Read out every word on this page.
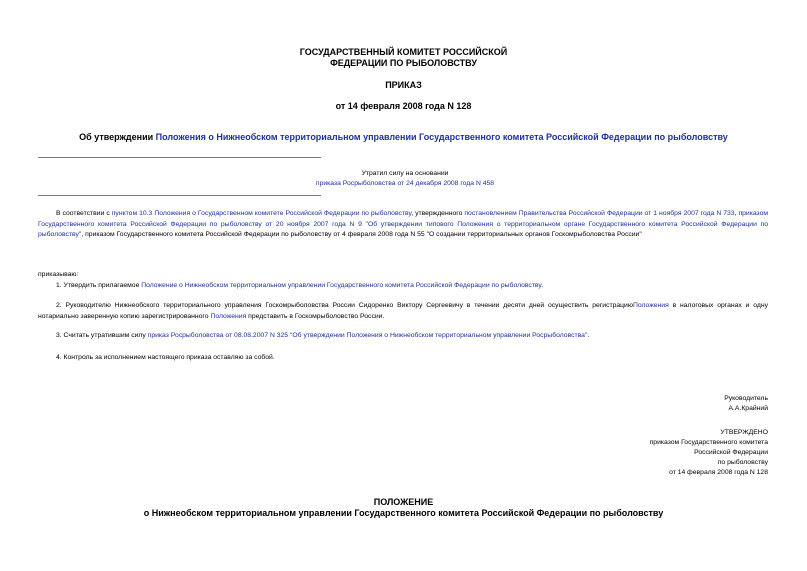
ГОСУДАРСТВЕННЫЙ КОМИТЕТ РОССИЙСКОЙ
ФЕДЕРАЦИИ ПО РЫБОЛОВСТВУ
ПРИКАЗ
от 14 февраля 2008 года N 128
Об утверждении Положения о Нижнеобском территориальном управлении Государственного комитета Российской Федерации по рыболовству
Утратил силу на основании
приказа Росрыболовства от 24 декабря 2008 года N 458
В соответствии с пунктом 10.3 Положения о Государственном комитете Российской Федерации по рыболовству, утвержденного постановлением Правительства Российской Федерации от 1 ноября 2007 года N 733, приказом Государственного комитета Российской Федерации по рыболовству от 20 ноября 2007 года N 9 "Об утверждении типового Положения о территориальном органе Государственного комитета Российской Федерации по рыболовству", приказом Государственного комитета Российской Федерации по рыболовству от 4 февраля 2008 года N 55 "О создании территориальных органов Госкомрыболовства России"
приказываю:
1. Утвердить прилагаемое Положение о Нижнеобском территориальном управлении Государственного комитета Российской Федерации по рыболовству.
2. Руководителю Нижнеобского территориального управления Госкомрыболовства России Сидоренко Виктору Сергеевичу в течении десяти дней осуществить регистрациюПоложения в налоговых органах и одну нотариально заверенную копию зарегистрированного Положения представить в Госкомрыболовство России.
3. Считать утратившим силу приказ Росрыболовства от 08.08.2007 N 325 "Об утверждении Положения о Нижнеобском территориальном управлении Росрыболовства".
4. Контроль за исполнением настоящего приказа оставляю за собой.
Руководитель
А.А.Крайний
УТВЕРЖДЕНО
приказом Государственного комитета
Российской Федерации
по рыболовству
от 14 февраля 2008 года N 128
ПОЛОЖЕНИЕ
о Нижнеобском территориальном управлении Государственного комитета Российской Федерации по рыболовству
